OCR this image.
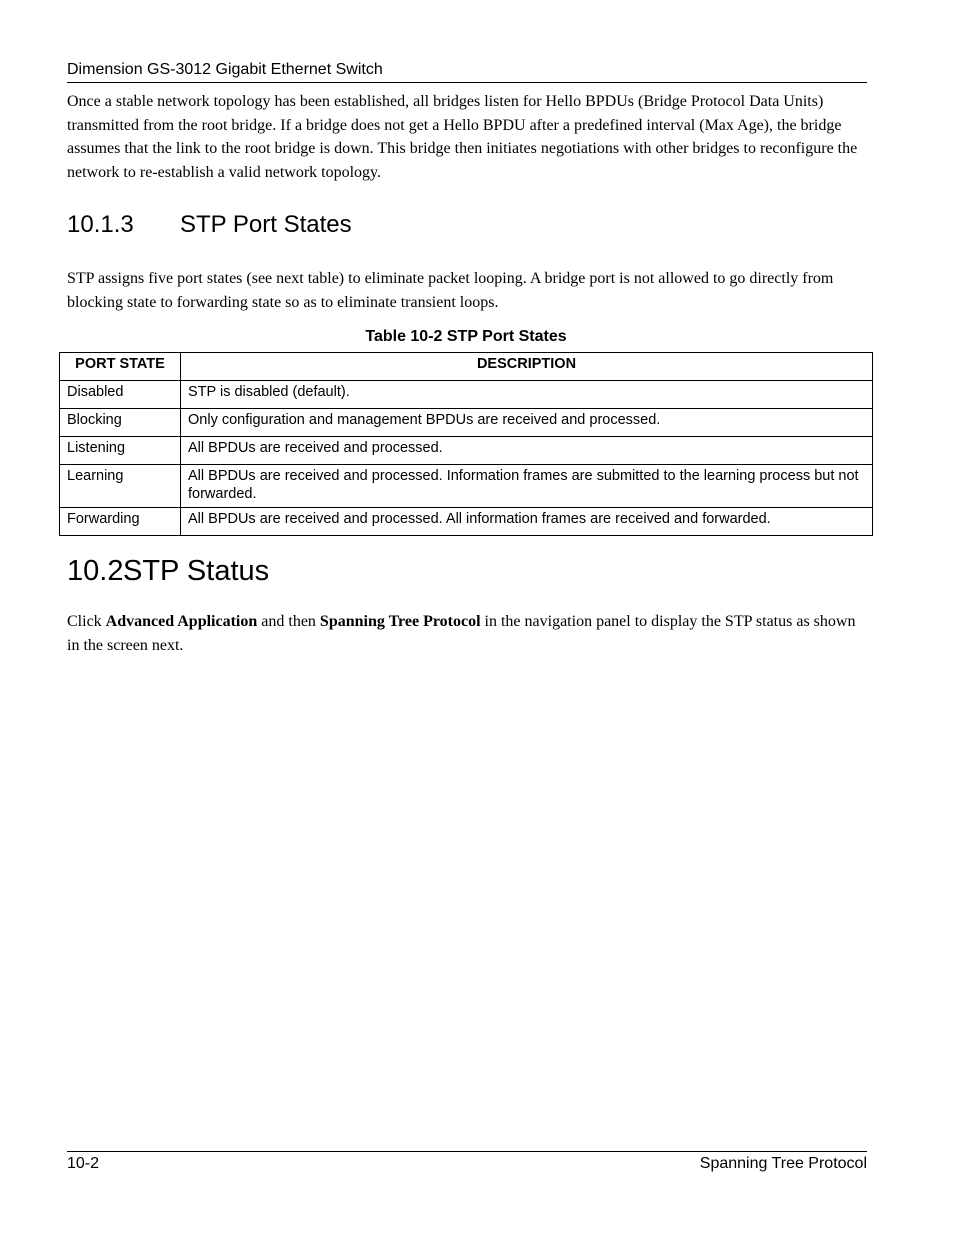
Dimension GS-3012 Gigabit Ethernet Switch

Once a stable network topology has been established, all bridges listen for Hello BPDUs (Bridge Protocol Data Units) transmitted from the root bridge. If a bridge does not get a Hello BPDU after a predefined interval (Max Age), the bridge assumes that the link to the root bridge is down. This bridge then initiates negotiations with other bridges to reconfigure the network to re-establish a valid network topology.

10.1.3 STP Port States

STP assigns five port states (see next table) to eliminate packet looping. A bridge port is not allowed to go directly from blocking state to forwarding state so as to eliminate transient loops.

Table 10-2 STP Port States
PORT STATE	DESCRIPTION
Disabled	STP is disabled (default).
Blocking	Only configuration and management BPDUs are received and processed.
Listening	All BPDUs are received and processed.
Learning	All BPDUs are received and processed. Information frames are submitted to the learning process but not forwarded.
Forwarding	All BPDUs are received and processed. All information frames are received and forwarded.
10.2STP Status

Click Advanced Application and then Spanning Tree Protocol in the navigation panel to display the STP status as shown in the screen next.

10-2	Spanning Tree Protocol
